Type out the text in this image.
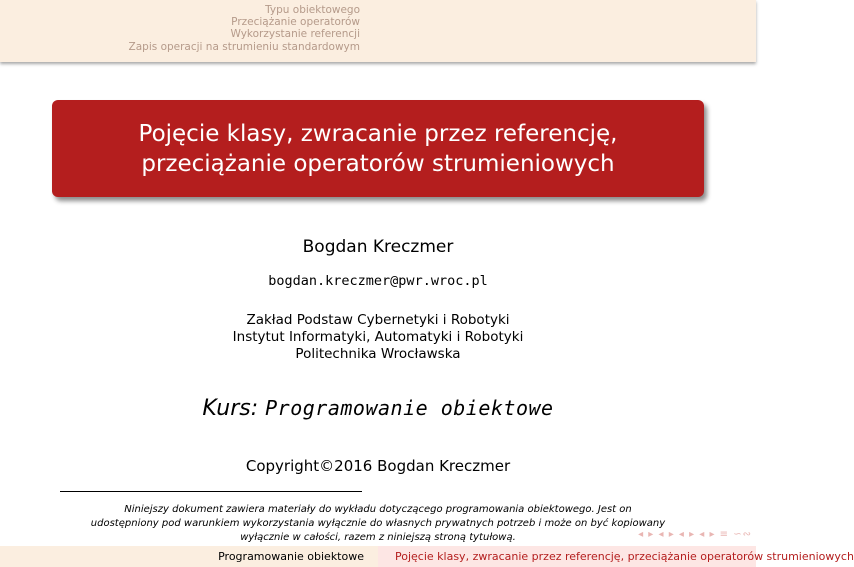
Typu obiektowego
Przeciążanie operatorów
Wykorzystanie referencji
Zapis operacji na strumieniu standardowym
Pojęcie klasy, zwracanie przez referencję,
przeciążanie operatorów strumieniowych
Bogdan Kreczmer
bogdan.kreczmer@pwr.wroc.pl
Zakład Podstaw Cybernetyki i Robotyki
Instytut Informatyki, Automatyki i Robotyki
Politechnika Wrocławska
Kurs: Programowanie obiektowe
Copyright©2016 Bogdan Kreczmer
Niniejszy dokument zawiera materiały do wykładu dotyczącego programowania obiektowego. Jest on
udostępniony pod warunkiem wykorzystania wyłącznie do własnych prywatnych potrzeb i może on być kopiowany
wyłącznie w całości, razem z niniejszą stroną tytułową.	◂ ▸ ◂ ▸ ◂ ▸ ◂ ▸ ≡ ∽∾
Programowanie obiektowe	Pojęcie klasy, zwracanie przez referencję, przeciążanie operatorów strumieniowych
